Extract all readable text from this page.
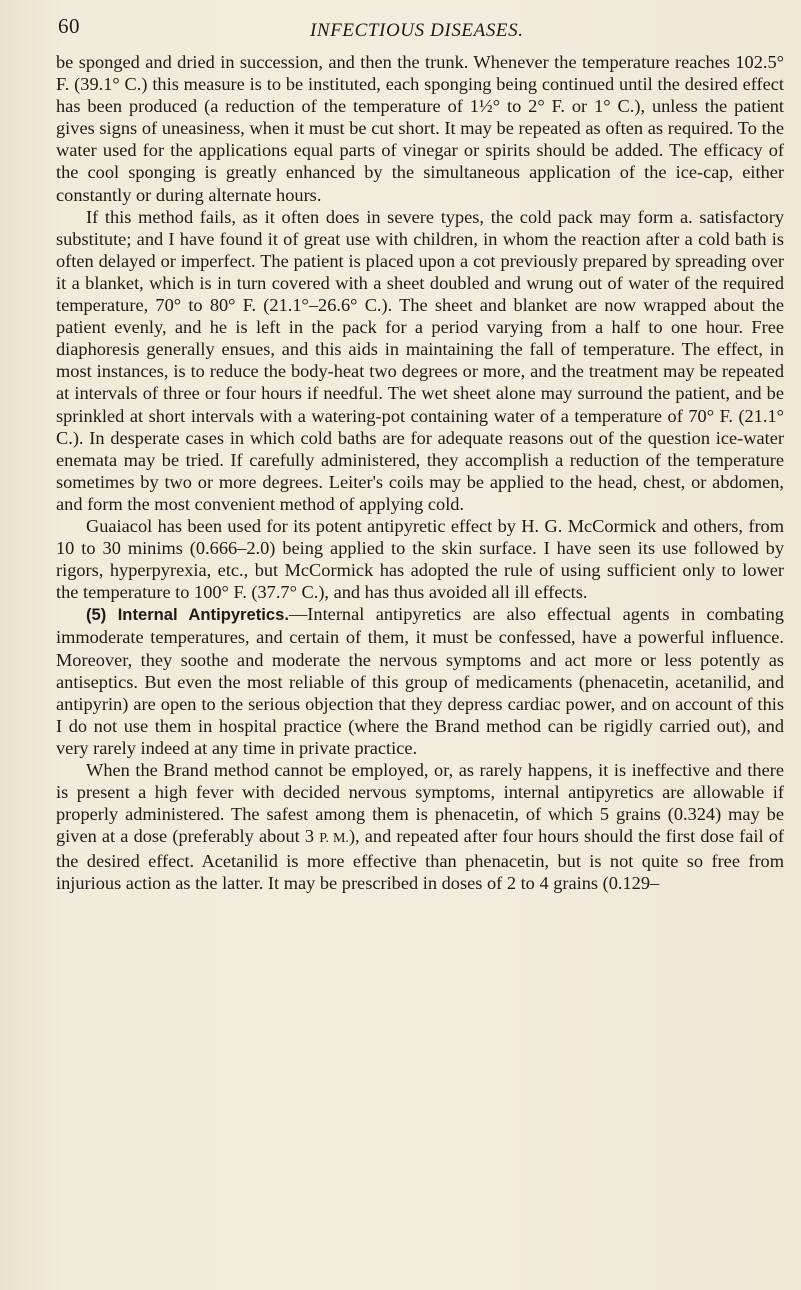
60	INFECTIOUS DISEASES.

be sponged and dried in succession, and then the trunk. Whenever the temperature reaches 102.5° F. (39.1° C.) this measure is to be instituted, each sponging being continued until the desired effect has been produced (a reduction of the temperature of 1½° to 2° F. or 1° C.), unless the patient gives signs of uneasiness, when it must be cut short. It may be repeated as often as required. To the water used for the applications equal parts of vinegar or spirits should be added. The efficacy of the cool sponging is greatly enhanced by the simultaneous application of the ice-cap, either constantly or during alternate hours.

If this method fails, as it often does in severe types, the cold pack may form a. satisfactory substitute; and I have found it of great use with children, in whom the reaction after a cold bath is often delayed or imperfect. The patient is placed upon a cot previously prepared by spreading over it a blanket, which is in turn covered with a sheet doubled and wrung out of water of the required temperature, 70° to 80° F. (21.1°–26.6° C.). The sheet and blanket are now wrapped about the patient evenly, and he is left in the pack for a period varying from a half to one hour. Free diaphoresis generally ensues, and this aids in maintaining the fall of temperature. The effect, in most instances, is to reduce the body-heat two degrees or more, and the treatment may be repeated at intervals of three or four hours if needful. The wet sheet alone may surround the patient, and be sprinkled at short intervals with a watering-pot containing water of a temperature of 70° F. (21.1° C.). In desperate cases in which cold baths are for adequate reasons out of the question ice-water enemata may be tried. If carefully administered, they accomplish a reduction of the temperature sometimes by two or more degrees. Leiter's coils may be applied to the head, chest, or abdomen, and form the most convenient method of applying cold.

Guaiacol has been used for its potent antipyretic effect by H. G. McCormick and others, from 10 to 30 minims (0.666–2.0) being applied to the skin surface. I have seen its use followed by rigors, hyperpyrexia, etc., but McCormick has adopted the rule of using sufficient only to lower the temperature to 100° F. (37.7° C.), and has thus avoided all ill effects.

(5) Internal Antipyretics.—Internal antipyretics are also effectual agents in combating immoderate temperatures, and certain of them, it must be confessed, have a powerful influence. Moreover, they soothe and moderate the nervous symptoms and act more or less potently as antiseptics. But even the most reliable of this group of medicaments (phenacetin, acetanilid, and antipyrin) are open to the serious objection that they depress cardiac power, and on account of this I do not use them in hospital practice (where the Brand method can be rigidly carried out), and very rarely indeed at any time in private practice.

When the Brand method cannot be employed, or, as rarely happens, it is ineffective and there is present a high fever with decided nervous symptoms, internal antipyretics are allowable if properly administered. The safest among them is phenacetin, of which 5 grains (0.324) may be given at a dose (preferably about 3 P. M.), and repeated after four hours should the first dose fail of the desired effect. Acetanilid is more effective than phenacetin, but is not quite so free from injurious action as the latter. It may be prescribed in doses of 2 to 4 grains (0.129–
